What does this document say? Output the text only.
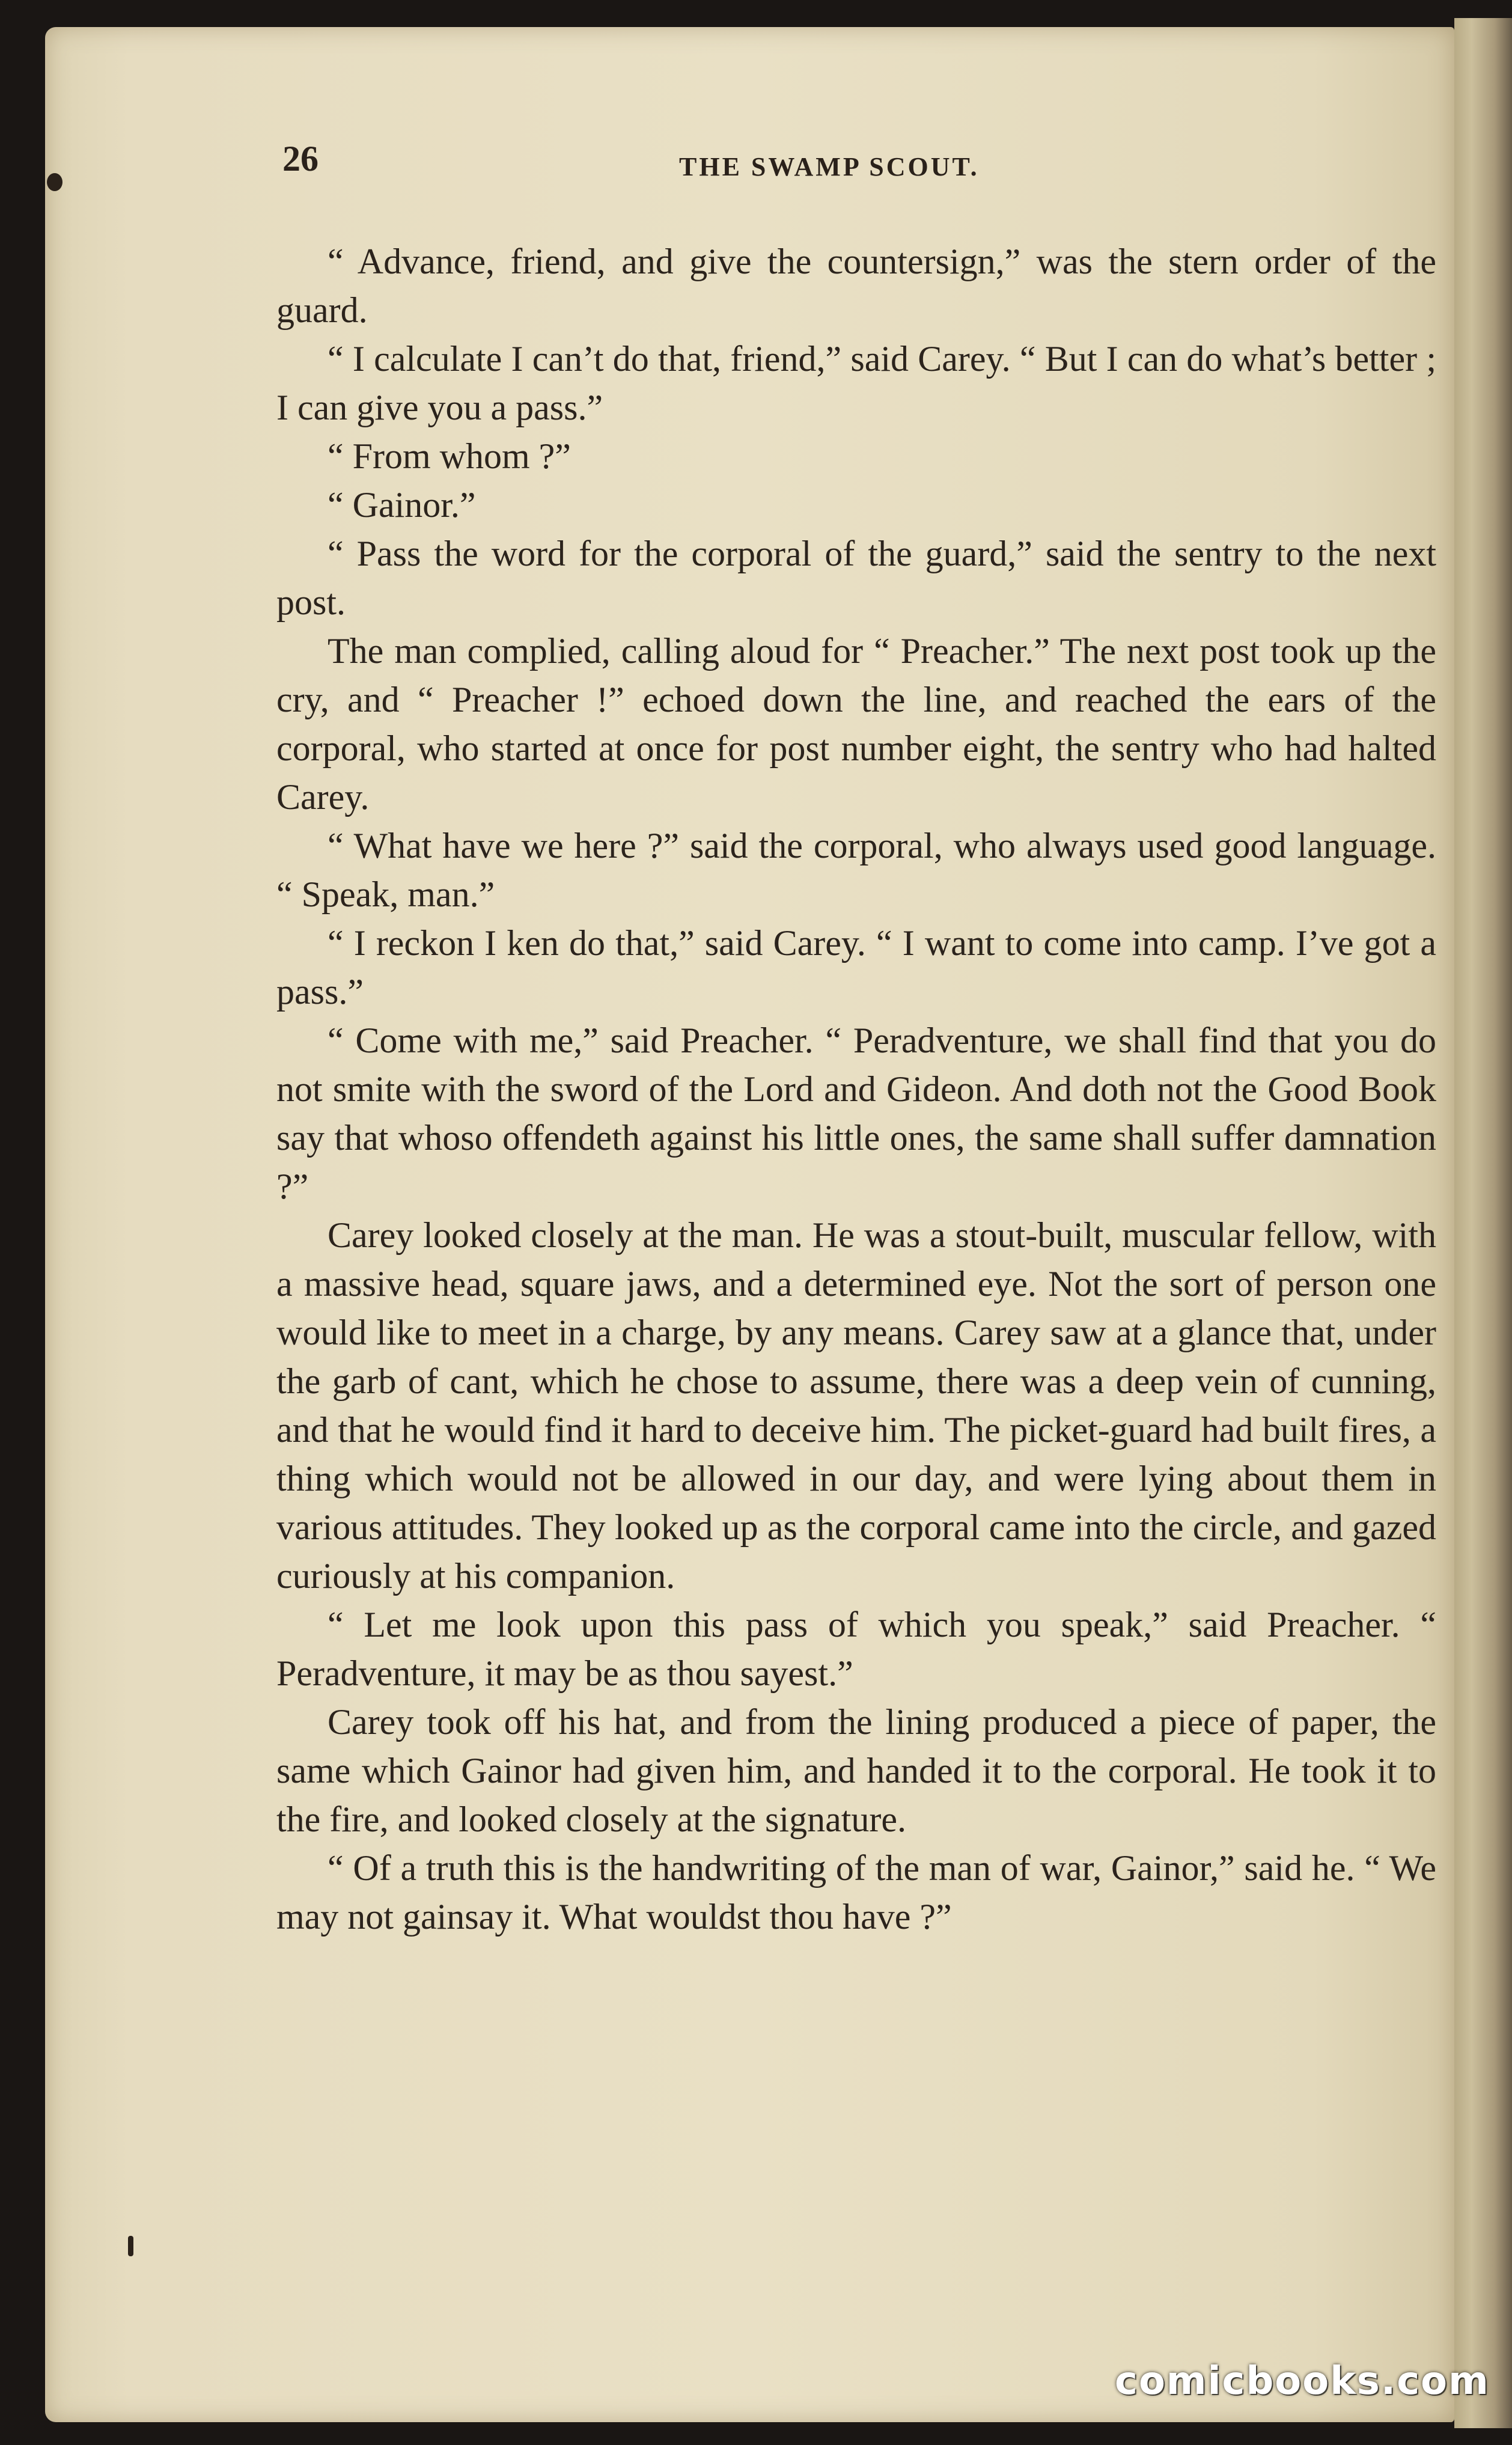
26	THE SWAMP SCOUT.

“ Advance, friend, and give the countersign,” was the stern order of the guard.

“ I calculate I can’t do that, friend,” said Carey. “ But I can do what’s better ; I can give you a pass.”

“ From whom ?”

“ Gainor.”

“ Pass the word for the corporal of the guard,” said the sentry to the next post.

The man complied, calling aloud for “ Preacher.” The next post took up the cry, and “ Preacher !” echoed down the line, and reached the ears of the corporal, who started at once for post number eight, the sentry who had halted Carey.

“ What have we here ?” said the corporal, who always used good language. “ Speak, man.”

“ I reckon I ken do that,” said Carey. “ I want to come into camp. I’ve got a pass.”

“ Come with me,” said Preacher. “ Peradventure, we shall find that you do not smite with the sword of the Lord and Gideon. And doth not the Good Book say that whoso offendeth against his little ones, the same shall suffer damnation ?”

Carey looked closely at the man. He was a stout-built, muscular fellow, with a massive head, square jaws, and a determined eye. Not the sort of person one would like to meet in a charge, by any means. Carey saw at a glance that, under the garb of cant, which he chose to assume, there was a deep vein of cunning, and that he would find it hard to deceive him. The picket-guard had built fires, a thing which would not be allowed in our day, and were lying about them in various attitudes. They looked up as the corporal came into the circle, and gazed curiously at his companion.

“ Let me look upon this pass of which you speak,” said Preacher. “ Peradventure, it may be as thou sayest.”

Carey took off his hat, and from the lining produced a piece of paper, the same which Gainor had given him, and handed it to the corporal. He took it to the fire, and looked closely at the signature.

“ Of a truth this is the handwriting of the man of war, Gainor,” said he. “ We may not gainsay it. What wouldst thou have ?”

comicbooks.com
